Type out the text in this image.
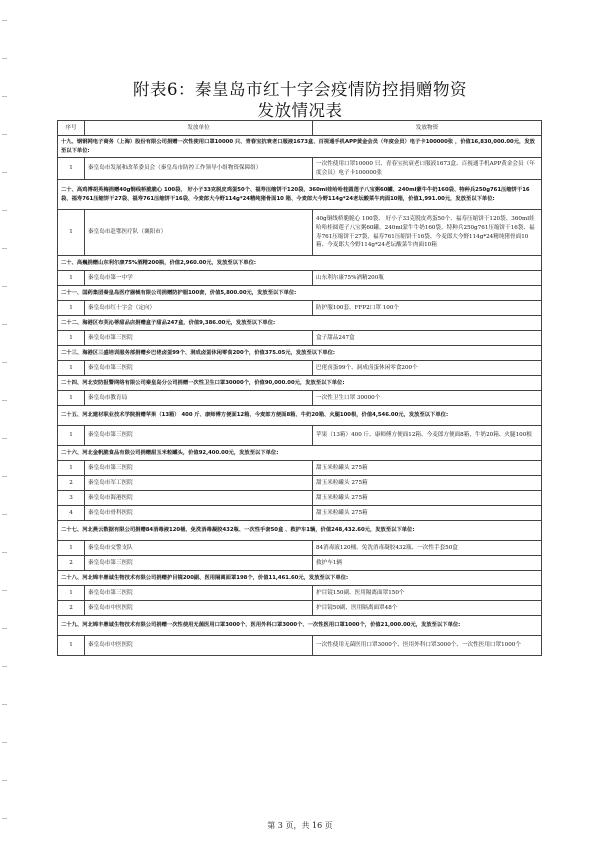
附表6：秦皇岛市红十字会疫情防控捐赠物资
发放情况表
序号	发放单位	发放物资
十九、钢钢网电子商务（上海）股份有限公司捐赠一次性使用口罩10000 只、青春宝抗衰老口服液1673盒、百视通手机APP黄金会员（年度会员）电子卡100000张 ，价值16,830,000.00元，发放至以下单位:		
1	秦皇岛市发展和改革委员会（秦皇岛市防控工作领导小组物资保障组）	一次性使用口罩10000 只、青春宝抗衰老口服液1673盒、百视通手机APP黄金会员（年度会员）电子卡100000张
二十、高鸡博胡英梅捐赠40g铜线桥脆脆心 100袋、 好小子33克脱皮鸡蛋50个、福寿压缩饼干120袋、360ml娃哈哈桂圆莲子八宝粥60罐、240ml蒙牛牛奶160袋、特种兵250g761压缩饼干16袋、福寿761压缩饼干27袋、福寿761压缩饼干16袋、今麦郎大今野114g*24精纯猪骨面10 箱、今麦郎大今野114g*24老坛酸菜牛肉面10箱，价值1,991.00元，发放至以下单位:		
1	秦皇岛市赴鄂医疗队（襄阳市）	40g铜线桥脆脆心 100袋、 好小子33克脱皮鸡蛋50个、福寿压缩饼干120袋、360ml娃哈哈桂圆莲子八宝粥60罐、240ml蒙牛牛奶160袋、特种兵250g761压缩饼干16袋、福寿761压缩饼干27袋、福寿761压缩饼干16袋、今麦郎大今野114g*24精纯猪骨面10 箱、今麦郎大今野114g*24老坛酸菜牛肉面10箱
二十、高巍捐赠山东利尔康75%酒精200瓶，价值2,960.00元，发放至以下单位:		
1	秦皇岛市第一中学	山东利尔康75%酒精200瓶
二十一、国药集团秦皇岛医疗器械有限公司捐赠防护服100套，价值5,800.00元，发放至以下单位:		
1	秦皇岛市红十字会（定向）	防护服100套、FFP2口罩 100个
二十二、海港区布芙沁蒂甜品店捐赠盒子甜品247盒，价值9,386.00元，发放至以下单位:		
1	秦皇岛市第三医院	盒子甜品247盒
二十三、海港区三盛培训服务部捐赠乡巴佬卤蛋99个、洞成卤蛋休闲零食200个，价值375.05元，发放至以下单位:		
1	秦皇岛市第三医院	巴佬卤蛋99个、洞成卤蛋休闲零食200个
二十四、河北安防报警网络有限公司秦皇岛分公司捐赠一次性卫生口罩30000个，价值90,000.00元，发放至以下单位:		
1	秦皇岛市教育局	一次性卫生口罩 30000个
二十五、河北建材职业技术学院捐赠苹果（13箱） 400 斤、康师傅方便面12箱、今麦郎方便面8箱、牛奶20箱、火腿100根，价值4,546.00元，发放至以下单位:		
1	秦皇岛市第三医院	苹果（13箱）400 斤、康师傅方便面12箱、今麦郎方便面8箱、牛奶20箱、火腿100根
二十六、河北金帆脆食品有限公司捐赠甜玉米粒罐头，价值92,400.00元，发放至以下单位:		
1	秦皇岛市第三医院	甜玉米粒罐头 275箱
2	秦皇岛市军工医院	甜玉米粒罐头 275箱
3	秦皇岛市海港医院	甜玉米粒罐头 275箱
4	秦皇岛市骨科医院	甜玉米粒罐头 275箱
二十七、河北燕云数据有限公司捐赠84消毒液120桶、免洗消毒凝胶432瓶、一次性手套50盒 、救护车1辆，价值248,432.60元，发放至以下单位:		
1	秦皇岛市交警支队	84消毒液120桶、免洗消毒凝胶432瓶、一次性手套50盒
2	秦皇岛市第三医院	救护车1辆
二十八、河北锦丰鼎诚生物技术有限公司捐赠护目镜200副、医用隔离面罩198个，价值11,461.60元，发放至以下单位:		
1	秦皇岛市第三医院	护目镜150副、医用隔离面罩150个
2	秦皇岛市中医医院	护目镜50副、医用隔离面罩48个
二十九、河北锦丰鼎诚生物技术有限公司捐赠一次性使用无菌医用口罩3000个、医用外科口罩3000个、一次性医用口罩1000个，价值21,000.00元，发放至以下单位:		
1	秦皇岛市中医医院	一次性使用无菌医用口罩3000个、医用外科口罩3000个、一次性医用口罩1000个
第 3 页，共 16 页
